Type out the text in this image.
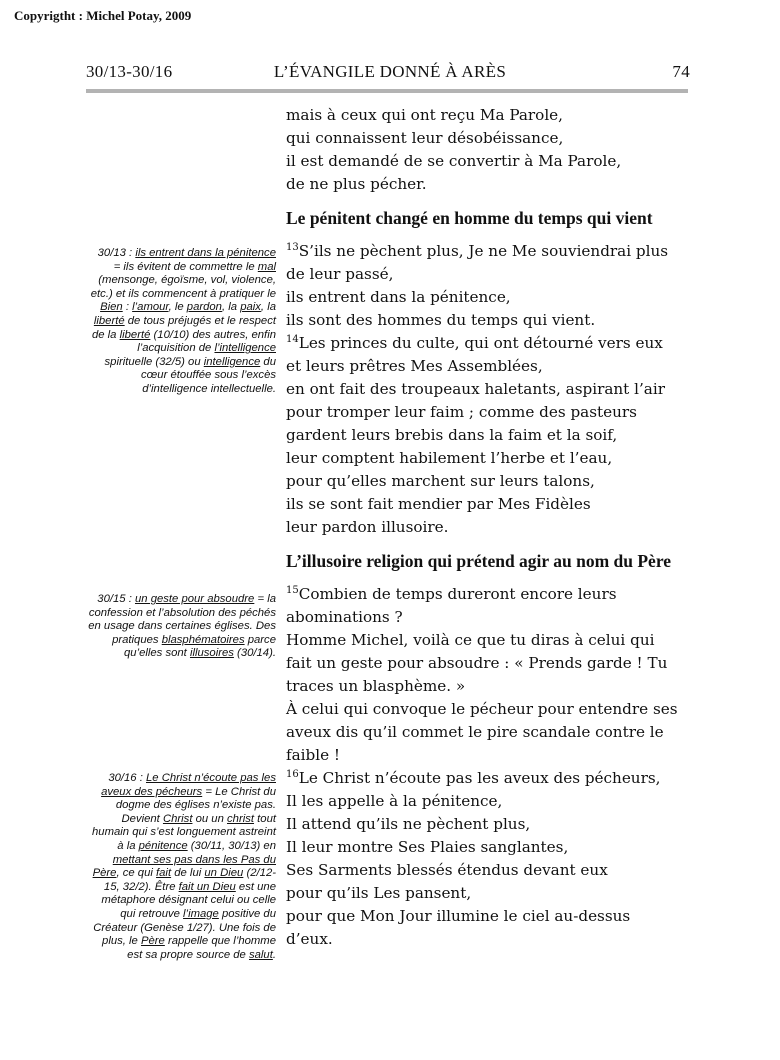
Copyrigtht : Michel Potay, 2009
30/13-30/16	L’ÉVANGILE DONNÉ À ARÈS	74
mais à ceux qui ont reçu Ma Parole,
qui connaissent leur désobéissance,
il est demandé de se convertir à Ma Parole,
de ne plus pécher.
Le pénitent changé en homme du temps qui vient
$^{13}$S’ils ne pèchent plus, Je ne Me souviendrai plus
de leur passé,
ils entrent dans la pénitence,
ils sont des hommes du temps qui vient.
$^{14}$Les princes du culte, qui ont détourné vers eux
et leurs prêtres Mes Assemblées,
en ont fait des troupeaux haletants, aspirant l’air
pour tromper leur faim ; comme des pasteurs
gardent leurs brebis dans la faim et la soif,
leur comptent habilement l’herbe et l’eau,
pour qu’elles marchent sur leurs talons,
ils se sont fait mendier par Mes Fidèles
leur pardon illusoire.
L’illusoire religion qui prétend agir au nom du Père
$^{15}$Combien de temps dureront encore leurs
abominations ?
Homme Michel, voilà ce que tu diras à celui qui
fait un geste pour absoudre : « Prends garde ! Tu
traces un blasphème. »
À celui qui convoque le pécheur pour entendre ses
aveux dis qu’il commet le pire scandale contre le
faible !
$^{16}$Le Christ n’écoute pas les aveux des pécheurs,
Il les appelle à la pénitence,
Il attend qu’ils ne pèchent plus,
Il leur montre Ses Plaies sanglantes,
Ses Sarments blessés étendus devant eux
pour qu’ils Les pansent,
pour que Mon Jour illumine le ciel au-dessus
d’eux.
30/13 : ils entrent dans la pénitence = ils évitent de commettre le mal (mensonge, égoïsme, vol, violence, etc.) et ils commencent à pratiquer le Bien : l’amour, le pardon, la paix, la liberté de tous préjugés et le respect de la liberté (10/10) des autres, enfin l’acquisition de l’intelligence spirituelle (32/5) ou intelligence du cœur étouffée sous l’excès d’intelligence intellectuelle.
30/15 : un geste pour absoudre = la confession et l’absolution des péchés en usage dans certaines églises. Des pratiques blasphématoires parce qu’elles sont illusoires (30/14).
30/16 : Le Christ n’écoute pas les aveux des pécheurs = Le Christ du dogme des églises n’existe pas. Devient Christ ou un christ tout humain qui s’est longuement astreint à la pénitence (30/11, 30/13) en mettant ses pas dans les Pas du Père, ce qui fait de lui un Dieu (2/12-15, 32/2). Être fait un Dieu est une métaphore désignant celui ou celle qui retrouve l’image positive du Créateur (Genèse 1/27). Une fois de plus, le Père rappelle que l’homme est sa propre source de salut.
